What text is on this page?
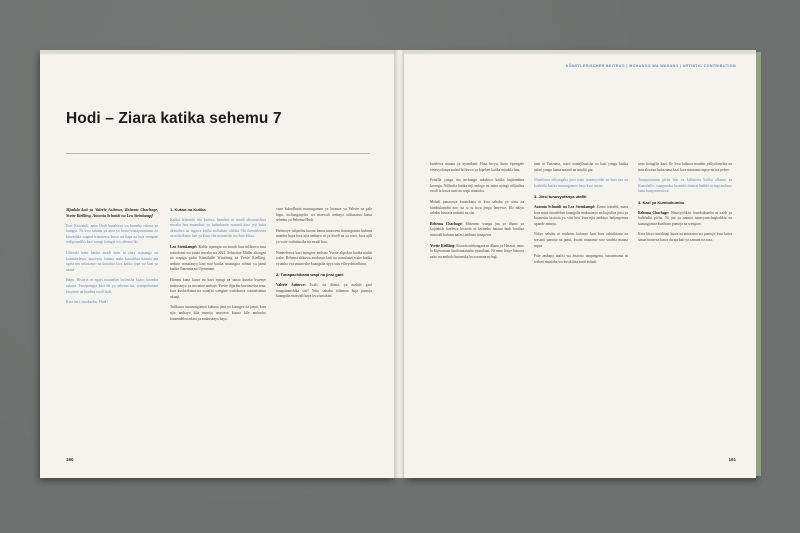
Hodi – Ziara katika sehemu 7

Mjadala kati ya Valerie Asiimwe, Rehema Chachage, Yvette Kießling, Antonia Schmidt na Lea Steinkampf

Ewe Kiswahili, neno Hodi hunahitaji wa kuomba ruhusa ya kuingia. Ni kwa sababu ya aina ya hawa wanaposimama na kuwaalika wageni wanaweza kuwa wa hapa na kwa wengine walipoandika kazi nyingi kuingia wa sehemu hii.

Uhitiriki weni katika mradi hom ni ziara mjasango na kutembelewa, inaovyoo lazima mala kuwafikia kaimia ma ngeta mu mkusanyo na kutatiwa kwa katika jopa wa kazi ya sanaa.

Hapo, Historia ni ngazi muonelan kushusha kaazo kuomba ruhusa. Tunapoingia kazi hii ya sehemu hii, wanapokutana kinyume na kuuliza swali hodi.

Kwa heri, tunakaribu. Hodi!

1. Kutwa na Kutika

Katika hiinombi cha kuitwa, hamdeni ni mradi ulioanzishwa mwaka huu maandani ya kuhudumia wasanii kwa jeji huku akimaliza na ingawa katika mchakato ulitoka. Hii iliendelezwa na ushirikiano kati ya kituo cha maonesho na chuo kikuu.

Lea Steinkampf: Kabla sijaingia na mradi huu nilikuwa sina wanafunzi wa sanaa mwaka wa 2022. Sebastian Müller aliongea na wapiga picha Kunsthalle Würzburg na Yvette Kießling, ambao wanafanya kazi nao katika mazingira tofauti ya jamii katika Tanzania na Ujerumani.

Hiwani kuna kuwa na kazi nyingi za sanaa kutoka kwenye makusanyo ya mwanzo ambayo Yvette ilijaribu kuzionesha tena, kwa kushirikiana na watafiti wengine waliokuwa wanasisimua ukuaji.

Tulikuwa tunazungumza kuhusu jinsi ya kuongea na jamii, kwa njia ambayo kila mmoja anaweza kuona kile ambacho kinaendelea ndani ya makusanyo hayo.

vazo kuhudhuria mazungumzo ya kwanza ya Valerie na pale hapo, mchanganyiko wa maswali ambayo tulitazama kama sehemu ya Sehemu Hodi.

Hatimaye tulijaribu kuona kama tunaweza kuzungumza kuhusu mambo haya kwa njia ambayo ni ya kweli na ya wazi, kwa ajili ya wote waliohusika na mradi huu.

Nimeelezwa kazi nyingine ambazo Yvette alipokea katika utafiti wake. Rehema alikuwa anafanya kazi na wanafunzi wake katika vyumba vya maonesho kuangalia upya vitu vilivyohifadhiwa.

2. Tunapachikana wapi na jinsi gani

Valerie Asiimwe: Iwali, na dhana, ya mahali gani tunapatanishika sisi? Ndio sababu tuliamua kuja pamoja kuangalia maswali haya kwa umakini.

160
KÖNSTLERISCHER BEITRAG | MCHANGO WA WASANII | ARTISTIC CONTRIBUTION

kuielewa maana ya nyumbani. Hata hivyo, kuna vipengele vinavyofanya nafasi hii kuwa ya kipekee katika mjadala huu.

Familia yangu ina mchango mkubwa katika kujitambua kwangu. Nilikulia katika mji mdogo na mara nyingi nilijiuliza swali la kuwa nani na wapi ninatoka.

Mahali panaweza kuonekana ni kwa sababu ya watu na kumbukumbu zao, na si tu kwa jengo lenyewe. Hii ndiyo sababu historia inabaki na sisi.

Rehema Chachage: Mtazamo wangu juu ya dhana ya kujitahidi kuelewa historia ni kwamba hatuna budi kuuliza maswali kuhusu nafasi ambazo tunapewa.

Yvette Kießling: Kinachonishangaza ni dhana ya Heimat, neno la Kijerumani linalomaanisha nyumbani. Ni neno lenye historia nzito na ambalo hutumika kwa namna nyingi.

nani ni Tanzania, wazo wanajihusisha na kazi yangu katika safari yangu kama msanii na mtafiti pia.

Nimekuwa nikiangalia jinsi watu wanavyoishi na kazi zao na kushiriki katika mazungumzo haya kwa uwazi.

3. Jinsi tunavyofanya utafiti

Antonia Schmidt na Lea Steinkampf: Kama watafiti, mara kwa mara tunaelekea kuangalia makusanyo na kujiuliza jinsi ya kuonesha historia ya vitu hivi kwa njia ambayo haijaegemea upande mmoja.

Ndiyo sababu ni muhimu kufanya kazi kwa ushirikiano na wasanii pamoja na jamii, kwani mtazamo wao unaleta maana mpya.

Pale ambapo utafiti wa historia unapingana, tunasimama ni wakati muafaka wa kusikiliza sauti tofauti.

sana kuingilia kazi. Ile kwa hakuna mambo yaliyofanyika na mtu aliweza kuitazama kazi kwa mtazamo mpya na wa pekee.

Tunapotazama picha hizi za kihistoria katika albamu za Kunsthalle, tunagundua kwamba zinatoa hadithi nyingi ambazo bado hazijasimuliwa.

4. Kazi ya Kumbukumbu

Rehema Chachage: Ninavyofikiri, kumbukumbu ni zaidi ya kuhifadhi picha. Ni juu ya namna tunavyozishughulikia na kuzungumza kuzihusu pamoja na wengine.

Kwa hivyo tunahitaji kuwa na mtazamo wa pamoja, kwa kuwa sanaa inaweza kuwa daraja kati ya zamani na sasa.

161
